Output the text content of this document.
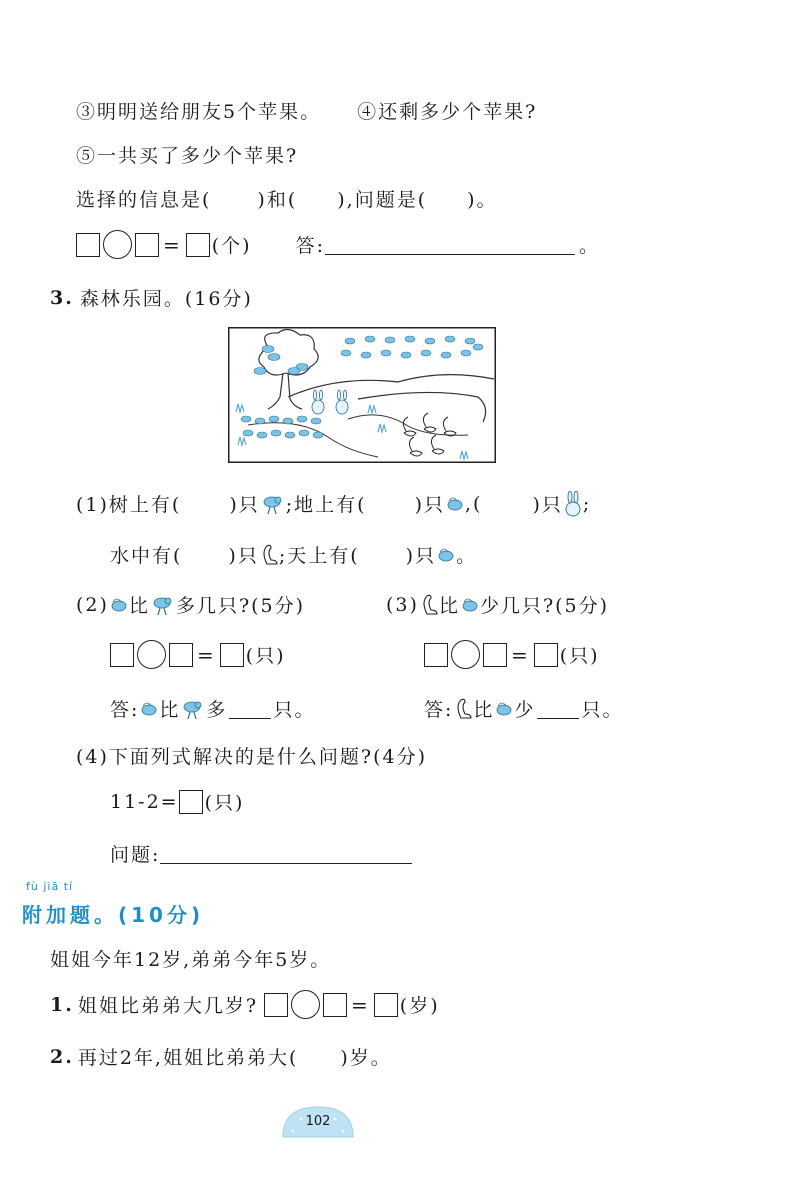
③明明送给朋友5个苹果。 ④还剩多少个苹果?
⑤一共买了多少个苹果?
选择的信息是( )和( ),问题是( )。
= (个) 答:	。
3. 森林乐园。(16分)
(1)树上有(	)只 ;地上有(	)只 ,(	)只 ;
水中有( )只 ;天上有( )只 。
(2) 比 多几只?(5分)	(3) 比 少几只?(5分)
= (只)	= (只)
答: 比 多 只。	答: 比 少 只。
(4)下面列式解决的是什么问题?(4分)
11-2= (只)
问题:
fù jiā tí
附加题。(10分)
姐姐今年12岁,弟弟今年5岁。
1. 姐姐比弟弟大几岁?	= (岁)
2. 再过2年,姐姐比弟弟大( )岁。
102
